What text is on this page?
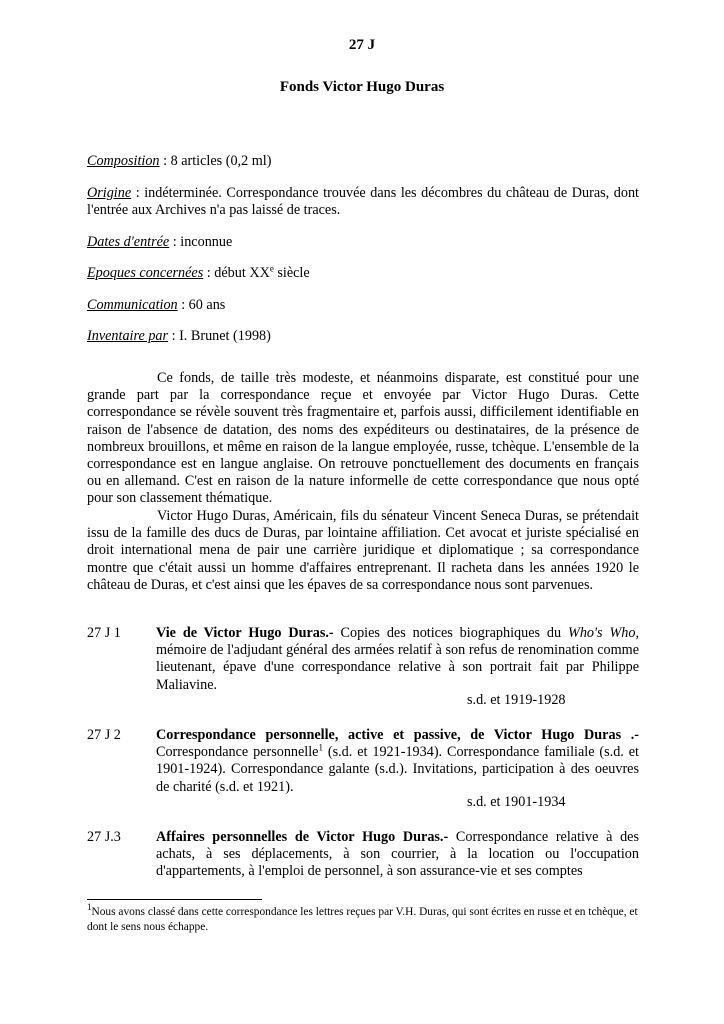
27 J
Fonds Victor Hugo Duras
Composition : 8 articles (0,2 ml)
Origine : indéterminée. Correspondance trouvée dans les décombres du château de Duras, dont l'entrée aux Archives n'a pas laissé de traces.
Dates d'entrée : inconnue
Epoques concernées : début XXe siècle
Communication : 60 ans
Inventaire par : I. Brunet (1998)
Ce fonds, de taille très modeste, et néanmoins disparate, est constitué pour une grande part par la correspondance reçue et envoyée par Victor Hugo Duras. Cette correspondance se révèle souvent très fragmentaire et, parfois aussi, difficilement identifiable en raison de l'absence de datation, des noms des expéditeurs ou destinataires, de la présence de nombreux brouillons, et même en raison de la langue employée, russe, tchèque. L'ensemble de la correspondance est en langue anglaise. On retrouve ponctuellement des documents en français ou en allemand. C'est en raison de la nature informelle de cette correspondance que nous opté pour son classement thématique.
Victor Hugo Duras, Américain, fils du sénateur Vincent Seneca Duras, se prétendait issu de la famille des ducs de Duras, par lointaine affiliation. Cet avocat et juriste spécialisé en droit international mena de pair une carrière juridique et diplomatique ; sa correspondance montre que c'était aussi un homme d'affaires entreprenant. Il racheta dans les années 1920 le château de Duras, et c'est ainsi que les épaves de sa correspondance nous sont parvenues.
27 J 1 Vie de Victor Hugo Duras.- Copies des notices biographiques du Who's Who, mémoire de l'adjudant général des armées relatif à son refus de renomination comme lieutenant, épave d'une correspondance relative à son portrait fait par Philippe Maliavine.
s.d. et 1919-1928
27 J 2 Correspondance personnelle, active et passive, de Victor Hugo Duras .- Correspondance personnelle$^1$ (s.d. et 1921-1934). Correspondance familiale (s.d. et 1901-1924). Correspondance galante (s.d.). Invitations, participation à des oeuvres de charité (s.d. et 1921).
s.d. et 1901-1934
27 J.3 Affaires personnelles de Victor Hugo Duras.- Correspondance relative à des achats, à ses déplacements, à son courrier, à la location ou l'occupation d'appartements, à l'emploi de personnel, à son assurance-vie et ses comptes
$^1$Nous avons classé dans cette correspondance les lettres reçues par V.H. Duras, qui sont écrites en russe et en tchèque, et dont le sens nous échappe.
